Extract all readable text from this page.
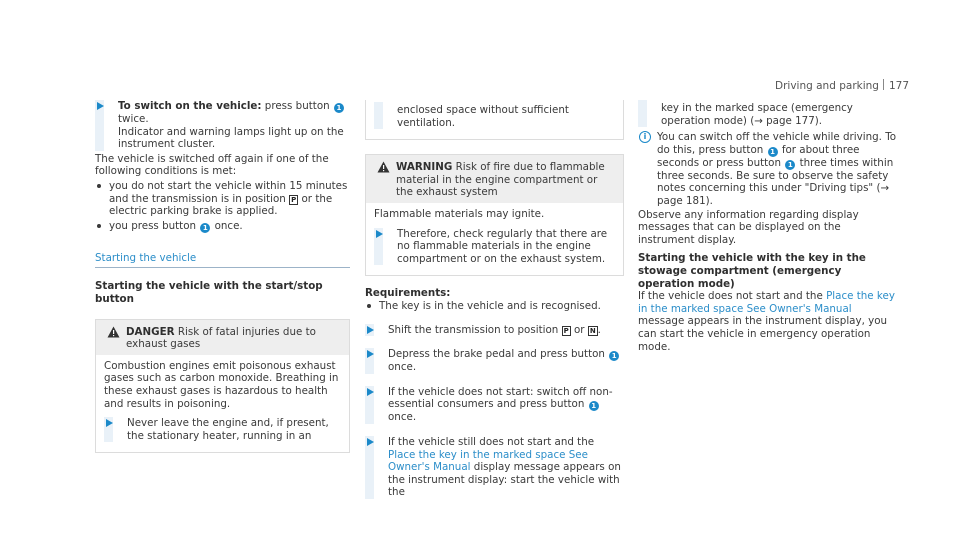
Driving and parking 177

To switch on the vehicle: press button 1 twice.

Indicator and warning lamps light up on the instrument cluster.

The vehicle is switched off again if one of the following conditions is met:

you do not start the vehicle within 15 minutes and the transmission is in position P or the electric parking brake is applied.
you press button 1 once.
Starting the vehicle
Starting the vehicle with the start/stop button

DANGER Risk of fatal injuries due to exhaust gases

Combustion engines emit poisonous exhaust gases such as carbon monoxide. Breathing in these exhaust gases is hazardous to health and results in poisoning.

Never leave the engine and, if present, the stationary heater, running in an

enclosed space without sufficient ventilation.

WARNING Risk of fire due to flammable material in the engine compartment or the exhaust system

Flammable materials may ignite.

Therefore, check regularly that there are no flammable materials in the engine compartment or on the exhaust system.

Requirements:
The key is in the vehicle and is recognised.

Shift the transmission to position P or N .

Depress the brake pedal and press button 1 once.

If the vehicle does not start: switch off non-essential consumers and press button 1 once.

If the vehicle still does not start and the Place the key in the marked space See Owner's Manual display message appears on the instrument display: start the vehicle with the

key in the marked space (emergency operation mode) (→ page 177).

i	You can switch off the vehicle while driving. To do this, press button 1 for about three seconds or press button 1 three times within three seconds. Be sure to observe the safety notes concerning this under "Driving tips" (→ page 181).

Observe any information regarding display messages that can be displayed on the instrument display.

Starting the vehicle with the key in the stowage compartment (emergency operation mode)

If the vehicle does not start and the Place the key in the marked space See Owner's Manual message appears in the instrument display, you can start the vehicle in emergency operation mode.
